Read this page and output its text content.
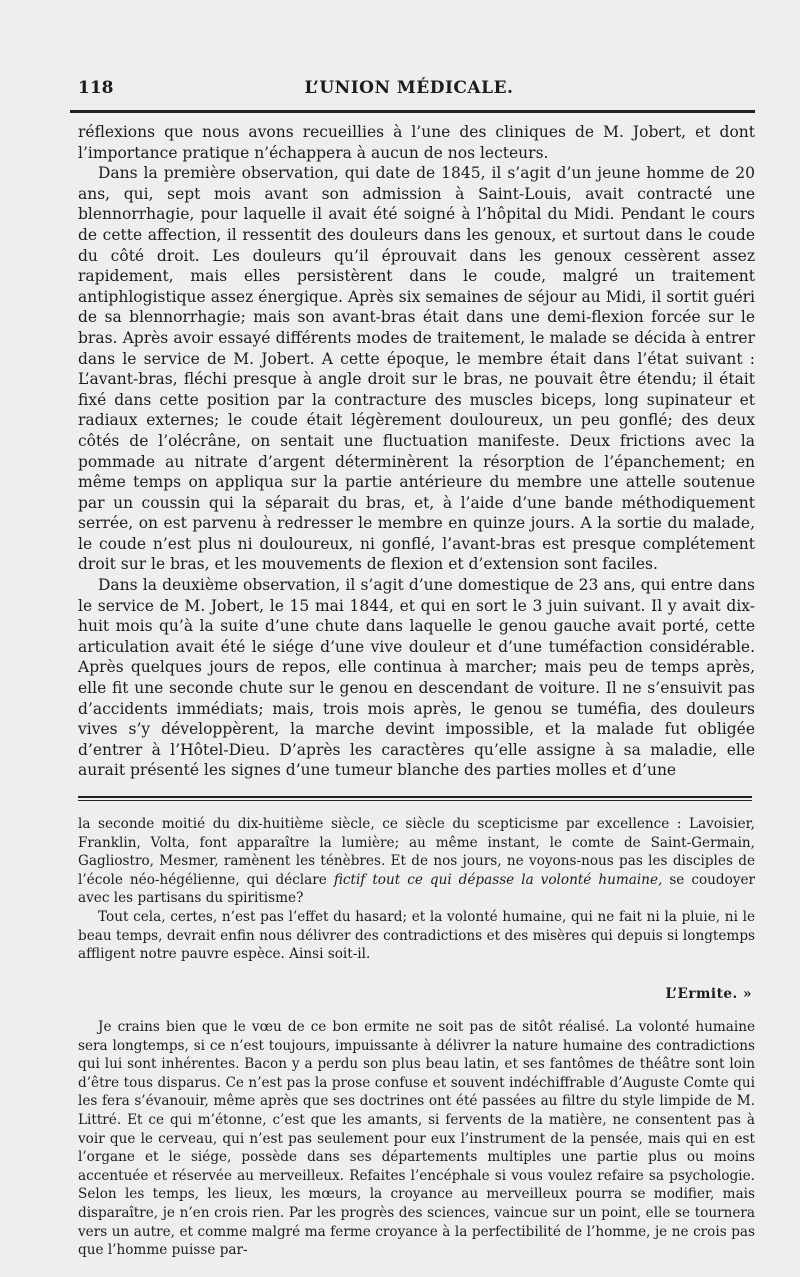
118	L’UNION MÉDICALE.

réflexions que nous avons recueillies à l’une des cliniques de M. Jobert, et dont l’importance pratique n’échappera à aucun de nos lecteurs.

Dans la première observation, qui date de 1845, il s’agit d’un jeune homme de 20 ans, qui, sept mois avant son admission à Saint-Louis, avait contracté une blennorrhagie, pour laquelle il avait été soigné à l’hôpital du Midi. Pendant le cours de cette affection, il ressentit des douleurs dans les genoux, et surtout dans le coude du côté droit. Les douleurs qu’il éprouvait dans les genoux cessèrent assez rapidement, mais elles persistèrent dans le coude, malgré un traitement antiphlogistique assez énergique. Après six semaines de séjour au Midi, il sortit guéri de sa blennorrhagie; mais son avant-bras était dans une demi-flexion forcée sur le bras. Après avoir essayé différents modes de traitement, le malade se décida à entrer dans le service de M. Jobert. A cette époque, le membre était dans l’état suivant : L’avant-bras, fléchi presque à angle droit sur le bras, ne pouvait être étendu; il était fixé dans cette position par la contracture des muscles biceps, long supinateur et radiaux externes; le coude était légèrement douloureux, un peu gonflé; des deux côtés de l’olécrâne, on sentait une fluctuation manifeste. Deux frictions avec la pommade au nitrate d’argent déterminèrent la résorption de l’épanchement; en même temps on appliqua sur la partie antérieure du membre une attelle soutenue par un coussin qui la séparait du bras, et, à l’aide d’une bande méthodiquement serrée, on est parvenu à redresser le membre en quinze jours. A la sortie du malade, le coude n’est plus ni douloureux, ni gonflé, l’avant-bras est presque complétement droit sur le bras, et les mouvements de flexion et d’extension sont faciles.

Dans la deuxième observation, il s’agit d’une domestique de 23 ans, qui entre dans le service de M. Jobert, le 15 mai 1844, et qui en sort le 3 juin suivant. Il y avait dix-huit mois qu’à la suite d’une chute dans laquelle le genou gauche avait porté, cette articulation avait été le siége d’une vive douleur et d’une tuméfaction considérable. Après quelques jours de repos, elle continua à marcher; mais peu de temps après, elle fit une seconde chute sur le genou en descendant de voiture. Il ne s’ensuivit pas d’accidents immédiats; mais, trois mois après, le genou se tuméfia, des douleurs vives s’y développèrent, la marche devint impossible, et la malade fut obligée d’entrer à l’Hôtel-Dieu. D’après les caractères qu’elle assigne à sa maladie, elle aurait présenté les signes d’une tumeur blanche des parties molles et d’une

la seconde moitié du dix-huitième siècle, ce siècle du scepticisme par excellence : Lavoisier, Franklin, Volta, font apparaître la lumière; au même instant, le comte de Saint-Germain, Gagliostro, Mesmer, ramènent les ténèbres. Et de nos jours, ne voyons-nous pas les disciples de l’école néo-hégélienne, qui déclare fictif tout ce qui dépasse la volonté humaine, se coudoyer avec les partisans du spiritisme?

Tout cela, certes, n’est pas l’effet du hasard; et la volonté humaine, qui ne fait ni la pluie, ni le beau temps, devrait enfin nous délivrer des contradictions et des misères qui depuis si longtemps affligent notre pauvre espèce. Ainsi soit-il.

L’Ermite. »

Je crains bien que le vœu de ce bon ermite ne soit pas de sitôt réalisé. La volonté humaine sera longtemps, si ce n’est toujours, impuissante à délivrer la nature humaine des contradictions qui lui sont inhérentes. Bacon y a perdu son plus beau latin, et ses fantômes de théâtre sont loin d’être tous disparus. Ce n’est pas la prose confuse et souvent indéchiffrable d’Auguste Comte qui les fera s’évanouir, même après que ses doctrines ont été passées au filtre du style limpide de M. Littré. Et ce qui m’étonne, c’est que les amants, si fervents de la matière, ne consentent pas à voir que le cerveau, qui n’est pas seulement pour eux l’instrument de la pensée, mais qui en est l’organe et le siége, possède dans ses départements multiples une partie plus ou moins accentuée et réservée au merveilleux. Refaites l’encéphale si vous voulez refaire sa psychologie. Selon les temps, les lieux, les mœurs, la croyance au merveilleux pourra se modifier, mais disparaître, je n’en crois rien. Par les progrès des sciences, vaincue sur un point, elle se tournera vers un autre, et comme malgré ma ferme croyance à la perfectibilité de l’homme, je ne crois pas que l’homme puisse par-
